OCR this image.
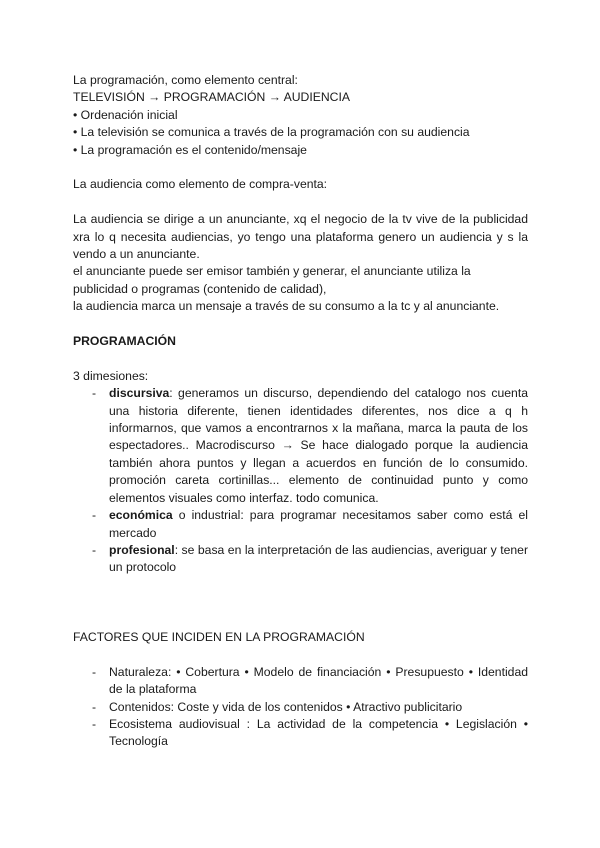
La programación, como elemento central:

TELEVISIÓN → PROGRAMACIÓN → AUDIENCIA

• Ordenación inicial

• La televisión se comunica a través de la programación con su audiencia

• La programación es el contenido/mensaje

La audiencia como elemento de compra-venta:

La audiencia se dirige a un anunciante, xq el negocio de la tv vive de la publicidad xra lo q necesita audiencias, yo tengo una plataforma genero un audiencia y s la vendo a un anunciante.

el anunciante puede ser emisor también y generar, el anunciante utiliza la publicidad o programas (contenido de calidad),

la audiencia marca un mensaje a través de su consumo a la tc y al anunciante.

PROGRAMACIÓN

3 dimesiones:

- discursiva: generamos un discurso, dependiendo del catalogo nos cuenta una historia diferente, tienen identidades diferentes, nos dice a q h informarnos, que vamos a encontrarnos x la mañana, marca la pauta de los espectadores.. Macrodiscurso → Se hace dialogado porque la audiencia también ahora puntos y llegan a acuerdos en función de lo consumido. promoción careta cortinillas... elemento de continuidad punto y como elementos visuales como interfaz. todo comunica.
- económica o industrial: para programar necesitamos saber como está el mercado
- profesional: se basa en la interpretación de las audiencias, averiguar y tener un protocolo

FACTORES QUE INCIDEN EN LA PROGRAMACIÓN

- Naturaleza: • Cobertura • Modelo de financiación • Presupuesto • Identidad de la plataforma
- Contenidos: Coste y vida de los contenidos • Atractivo publicitario
- Ecosistema audiovisual : La actividad de la competencia • Legislación • Tecnología
